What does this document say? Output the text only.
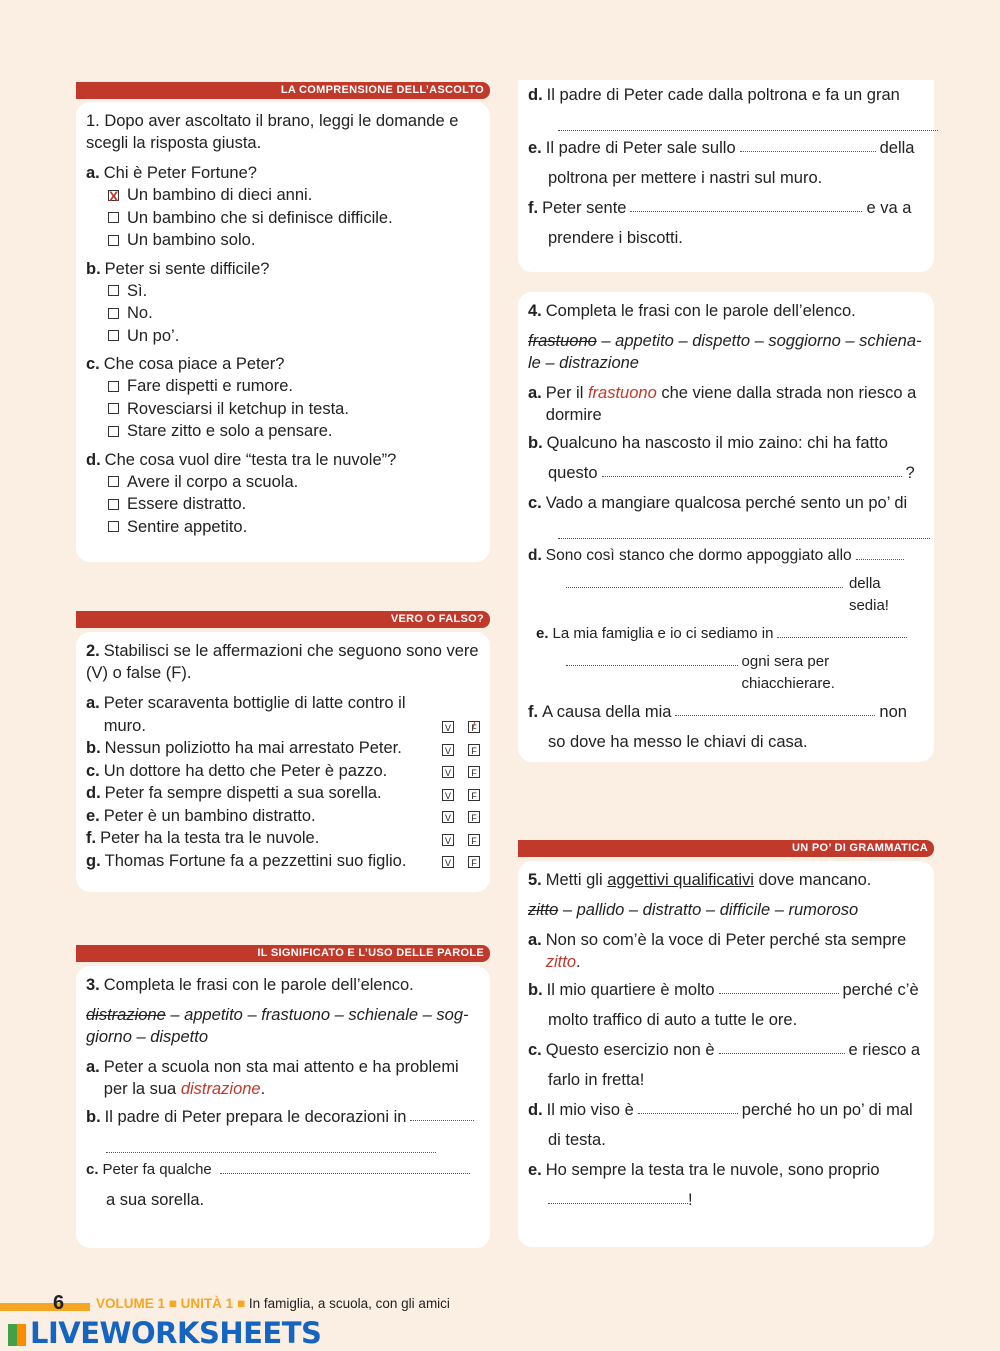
LA COMPRENSIONE DELL’ASCOLTO
1. Dopo aver ascoltato il brano, leggi le domande e scegli la risposta giusta.
a. Chi è Peter Fortune?
X
Un bambino di dieci anni.
Un bambino che si definisce difficile.
Un bambino solo.
b. Peter si sente difficile?
Sì.
No.
Un po’.
c. Che cosa piace a Peter?
Fare dispetti e rumore.
Rovesciarsi il ketchup in testa.
Stare zitto e solo a pensare.
d. Che cosa vuol dire “testa tra le nuvole”?
Avere il corpo a scuola.
Essere distratto.
Sentire appetito.
VERO O FALSO?
2. Stabilisci se le affermazioni che seguono sono vere (V) o false (F).
a. Peter scaraventa bottiglie di latte contro il muro.	V	F /
b. Nessun poliziotto ha mai arrestato Peter.	V	F
c. Un dottore ha detto che Peter è pazzo.	V	F
d. Peter fa sempre dispetti a sua sorella.	V	F
e. Peter è un bambino distratto.	V	F
f. Peter ha la testa tra le nuvole.	V	F
g. Thomas Fortune fa a pezzettini suo figlio.	V	F
IL SIGNIFICATO E L’USO DELLE PAROLE
3. Completa le frasi con le parole dell’elenco.
distrazione – appetito – frastuono – schienale – sog-giorno – dispetto
a. Peter a scuola non sta mai attento e ha problemi per la sua distrazione.
b. Il padre di Peter prepara le decorazioni in
c. Peter fa qualche
a sua sorella.
d. Il padre di Peter cade dalla poltrona e fa un gran
e. Il padre di Peter sale sullo	della
poltrona per mettere i nastri sul muro.
f. Peter sente	e va a
prendere i biscotti.
4. Completa le frasi con le parole dell’elenco.
frastuono – appetito – dispetto – soggiorno – schiena-le – distrazione
a. Per il frastuono che viene dalla strada non riesco a dormire
b. Qualcuno ha nascosto il mio zaino: chi ha fatto
questo	?
c. Vado a mangiare qualcosa perché sento un po’ di
d. Sono così stanco che dormo appoggiato allo
della sedia!
e. La mia famiglia e io ci sediamo in
ogni sera per chiacchierare.
f. A causa della mia	non
so dove ha messo le chiavi di casa.
UN PO’ DI GRAMMATICA
5. Metti gli aggettivi qualificativi dove mancano.
zitto – pallido – distratto – difficile – rumoroso
a. Non so com’è la voce di Peter perché sta sempre zitto.
b. Il mio quartiere è molto	perché c’è
molto traffico di auto a tutte le ore.
c. Questo esercizio non è	e riesco a
farlo in fretta!
d. Il mio viso è	perché ho un po’ di mal
di testa.
e. Ho sempre la testa tra le nuvole, sono proprio
!
6 VOLUME 1 ■ UNITÀ 1 ■ In famiglia, a scuola, con gli amici
LIVEWORKSHEETS
